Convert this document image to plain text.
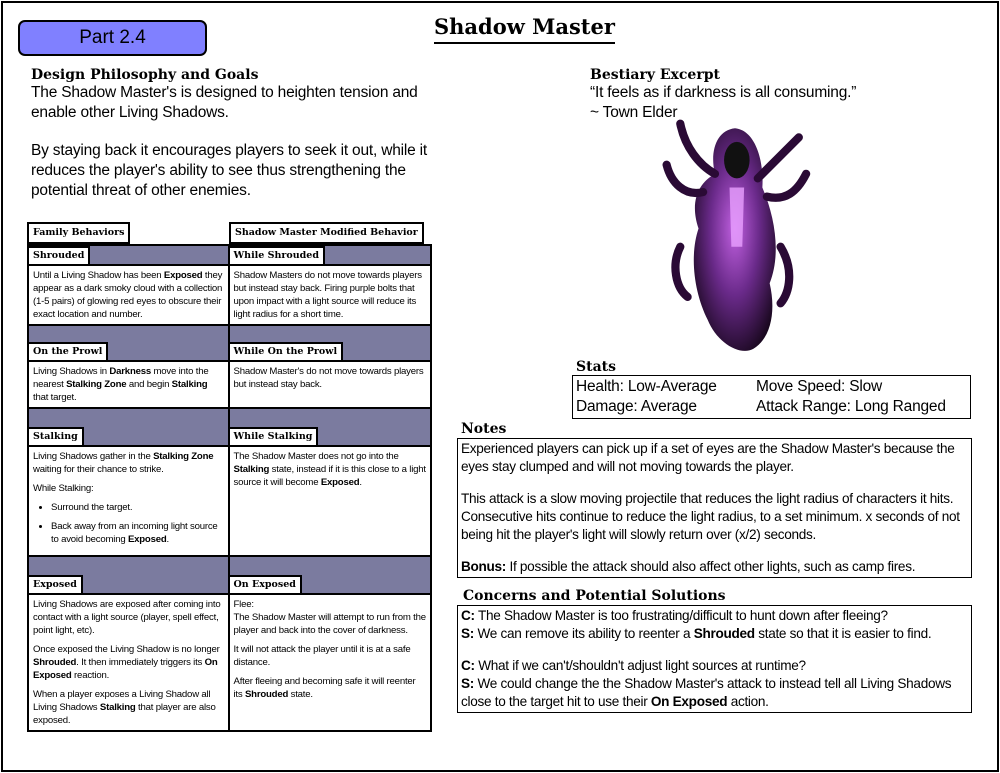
Part 2.4	Shadow Master
Design Philosophy and Goals
The Shadow Master's is designed to heighten tension and enable other Living Shadows.
By staying back it encourages players to seek it out, while it reduces the player's ability to see thus strengthening the potential threat of other enemies.
Bestiary Excerpt
“It feels as if darkness is all consuming.”
~ Town Elder
Stats
Health: Low-Average	Move Speed: Slow
Damage: Average	Attack Range: Long Ranged
Notes

Experienced players can pick up if a set of eyes are the Shadow Master's because the eyes stay clumped and will not moving towards the player.

This attack is a slow moving projectile that reduces the light radius of characters it hits. Consecutive hits continue to reduce the light radius, to a set minimum. x seconds of not being hit the player's light will slowly return over (x/2) seconds.

Bonus: If possible the attack should also affect other lights, such as camp fires.

Concerns and Potential Solutions

C: The Shadow Master is too frustrating/difficult to hunt down after fleeing?
S: We can remove its ability to reenter a Shrouded state so that it is easier to find.

C: What if we can't/shouldn't adjust light sources at runtime?
S: We could change the the Shadow Master's attack to instead tell all Living Shadows close to the target hit to use their On Exposed action.

Family Behaviors	Shadow Master Modified Behavior
Shrouded	While Shrouded

Until a Living Shadow has been Exposed they appear as a dark smoky cloud with a collection (1-5 pairs) of glowing red eyes to obscure their exact location and number.

Shadow Masters do not move towards players but instead stay back. Firing purple bolts that upon impact with a light source will reduce its light radius for a short time.

On the Prowl	While On the Prowl

Living Shadows in Darkness move into the nearest Stalking Zone and begin Stalking that target.

Shadow Master's do not move towards players but instead stay back.

Stalking	While Stalking

Living Shadows gather in the Stalking Zone waiting for their chance to strike.

While Stalking:

• Surround the target.
• Back away from an incoming light source to avoid becoming Exposed.

The Shadow Master does not go into the Stalking state, instead if it is this close to a light source it will become Exposed.

Exposed	On Exposed

Living Shadows are exposed after coming into contact with a light source (player, spell effect, point light, etc).

Once exposed the Living Shadow is no longer Shrouded. It then immediately triggers its On Exposed reaction.

When a player exposes a Living Shadow all Living Shadows Stalking that player are also exposed.

Flee:
The Shadow Master will attempt to run from the player and back into the cover of darkness.

It will not attack the player until it is at a safe distance.

After fleeing and becoming safe it will reenter its Shrouded state.
